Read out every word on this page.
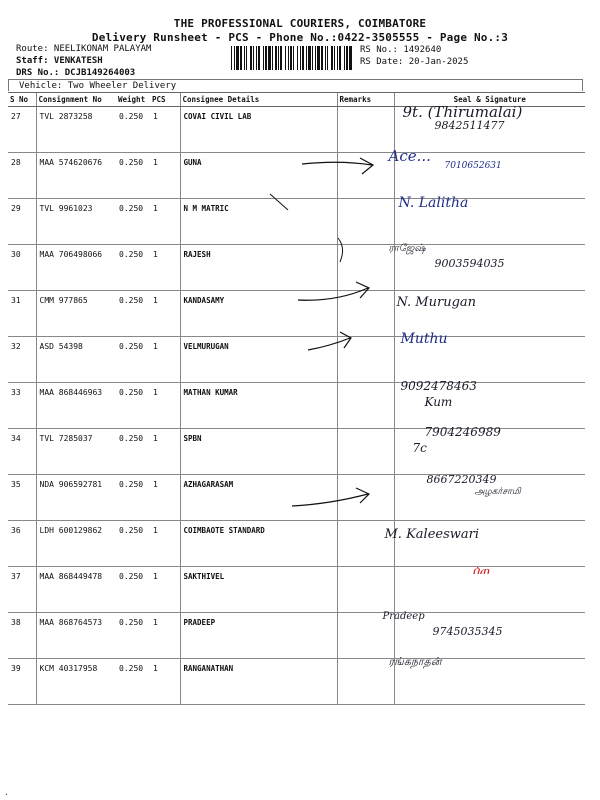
THE PROFESSIONAL COURIERS, COIMBATORE
Delivery Runsheet - PCS - Phone No.:0422-3505555 - Page No.:3
Route: NEELIKONAM PALAYAM
Staff: VENKATESH
DRS No.: DCJB149264003
RS No.: 1492640
RS Date: 20-Jan-2025
Vehicle: Two Wheeler Delivery
S No	Consignment No	Weight	PCS	Consignee Details	Remarks	Seal & Signature
27	TVL 2873258	0.250	1	COVAI CIVIL LAB		9t. (Thirumalai)
9842511477

28	MAA 574620676	0.250	1	GUNA		Ace...
7010652631

29	TVL 9961023	0.250	1	N M MATRIC		N. Lalitha

30	MAA 706498066	0.250	1	RAJESH		ராஜேஷ்
9003594035

31	CMM 977865	0.250	1	KANDASAMY		N. Murugan

32	ASD 54398	0.250	1	VELMURUGAN		Muthu

33	MAA 868446963	0.250	1	MATHAN KUMAR		9092478463
Kum

34	TVL 7285037	0.250	1	SPBN		7904246989
7c

35	NDA 906592781	0.250	1	AZHAGARASAM		8667220349
அழகர்சாமி

36	LDH 600129862	0.250	1	COIMBAOTE STANDARD		M. Kaleeswari

37	MAA 868449478	0.250	1	SAKTHIVEL		ሰጠ

38	MAA 868764573	0.250	1	PRADEEP		Pradeep
9745035345

39	KCM 40317958	0.250	1	RANGANATHAN		ரங்கநாதன்
·
